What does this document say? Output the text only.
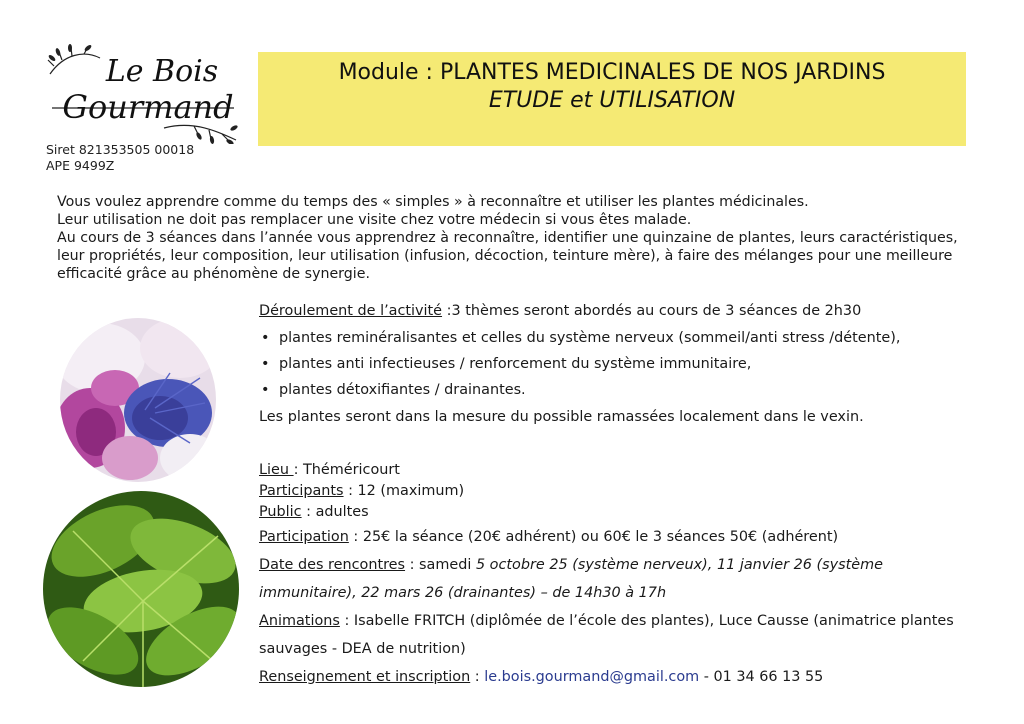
Le Bois
Gourmand
Siret 821353505 00018
APE 9499Z
Module : PLANTES MEDICINALES DE NOS JARDINS
ETUDE et UTILISATION

Vous voulez apprendre comme du temps des « simples » à reconnaître et utiliser les plantes médicinales.

Leur utilisation ne doit pas remplacer une visite chez votre médecin si vous êtes malade.

Au cours de 3 séances dans l’année vous apprendrez à reconnaître, identifier une quinzaine de plantes, leurs caractéristiques, leur propriétés, leur composition, leur utilisation (infusion, décoction, teinture mère), à faire des mélanges pour une meilleure efficacité grâce au phénomène de synergie.

Déroulement de l’activité :3 thèmes seront abordés au cours de 3 séances de 2h30

• plantes reminéralisantes et celles du système nerveux (sommeil/anti stress /détente),
• plantes anti infectieuses / renforcement du système immunitaire,
• plantes détoxifiantes / drainantes.

Les plantes seront dans la mesure du possible ramassées localement dans le vexin.

Lieu : Théméricourt

Participants : 12 (maximum)

Public : adultes

Participation : 25€ la séance (20€ adhérent) ou 60€ le 3 séances 50€ (adhérent)

Date des rencontres : samedi 5 octobre 25 (système nerveux), 11 janvier 26 (système immunitaire), 22 mars 26 (drainantes) – de 14h30 à 17h

Animations : Isabelle FRITCH (diplômée de l’école des plantes), Luce Causse (animatrice plantes sauvages - DEA de nutrition)

Renseignement et inscription : le.bois.gourmand@gmail.com - 01 34 66 13 55
